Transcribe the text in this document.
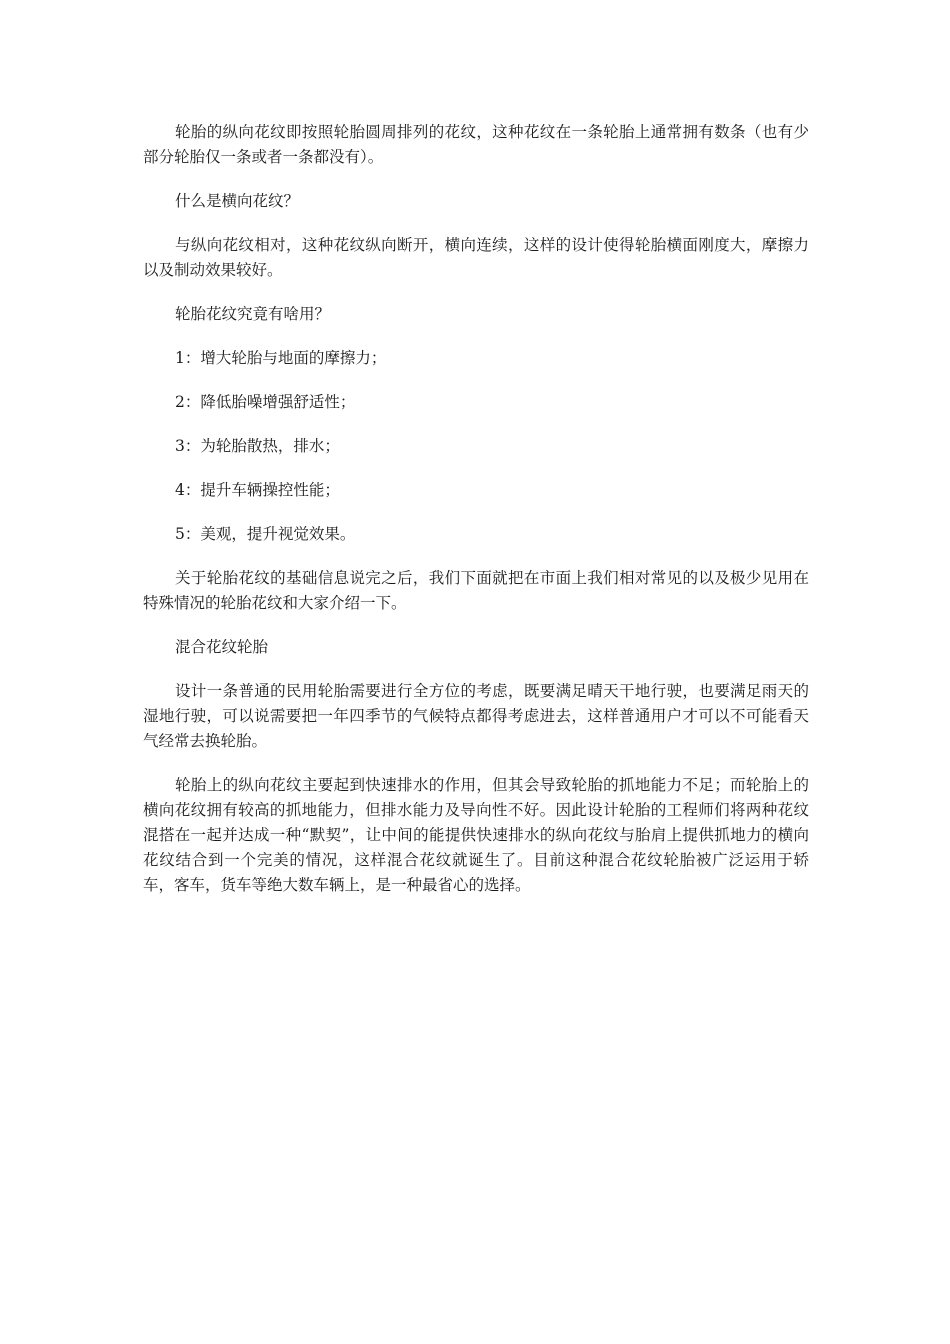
轮胎的纵向花纹即按照轮胎圆周排列的花纹，这种花纹在一条轮胎上通常拥有数条（也有少部分轮胎仅一条或者一条都没有）。

什么是横向花纹？

与纵向花纹相对，这种花纹纵向断开，横向连续，这样的设计使得轮胎横面刚度大，摩擦力以及制动效果较好。

轮胎花纹究竟有啥用？

1：增大轮胎与地面的摩擦力；

2：降低胎噪增强舒适性；

3：为轮胎散热，排水；

4：提升车辆操控性能；

5：美观，提升视觉效果。

关于轮胎花纹的基础信息说完之后，我们下面就把在市面上我们相对常见的以及极少见用在特殊情况的轮胎花纹和大家介绍一下。

混合花纹轮胎

设计一条普通的民用轮胎需要进行全方位的考虑，既要满足晴天干地行驶，也要满足雨天的湿地行驶，可以说需要把一年四季节的气候特点都得考虑进去，这样普通用户才可以不可能看天气经常去换轮胎。

轮胎上的纵向花纹主要起到快速排水的作用，但其会导致轮胎的抓地能力不足；而轮胎上的横向花纹拥有较高的抓地能力，但排水能力及导向性不好。因此设计轮胎的工程师们将两种花纹混搭在一起并达成一种“默契”，让中间的能提供快速排水的纵向花纹与胎肩上提供抓地力的横向花纹结合到一个完美的情况，这样混合花纹就诞生了。目前这种混合花纹轮胎被广泛运用于轿车，客车，货车等绝大数车辆上，是一种最省心的选择。
